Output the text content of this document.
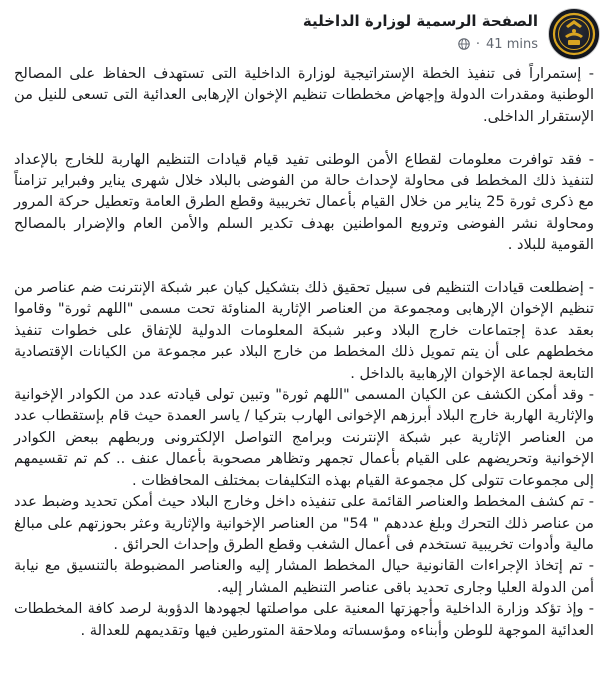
الصفحة الرسمية لوزارة الداخلية
41 mins
·

- إستمراراً فى تنفيذ الخطة الإستراتيجية لوزارة الداخلية التى تستهدف الحفاظ على المصالح الوطنية ومقدرات الدولة وإجهاض مخططات تنظيم الإخوان الإرهابى العدائية التى تسعى للنيل من الإستقرار الداخلى.

- فقد توافرت معلومات لقطاع الأمن الوطنى تفيد قيام قيادات التنظيم الهاربة للخارج بالإعداد لتنفيذ ذلك المخطط فى محاولة لإحداث حالة من الفوضى بالبلاد خلال شهرى يناير وفبراير تزامناً مع ذكرى ثورة 25 يناير من خلال القيام بأعمال تخريبية وقطع الطرق العامة وتعطيل حركة المرور ومحاولة نشر الفوضى وترويع المواطنين بهدف تكدير السلم والأمن العام والإضرار بالمصالح القومية للبلاد .

- إضطلعت قيادات التنظيم فى سبيل تحقيق ذلك بتشكيل كيان عبر شبكة الإنترنت ضم عناصر من تنظيم الإخوان الإرهابى ومجموعة من العناصر الإثارية المناوئة تحت مسمى "اللهم ثورة" وقاموا بعقد عدة إجتماعات خارج البلاد وعبر شبكة المعلومات الدولية للإتفاق على خطوات تنفيذ مخططهم على أن يتم تمويل ذلك المخطط من خارج البلاد عبر مجموعة من الكيانات الإقتصادية التابعة لجماعة الإخوان الإرهابية بالداخل .

- وقد أمكن الكشف عن الكيان المسمى "اللهم ثورة" وتبين تولى قيادته عدد من الكوادر الإخوانية والإثارية الهاربة خارج البلاد أبرزهم الإخوانى الهارب بتركيا / ياسر العمدة حيث قام بإستقطاب عدد من العناصر الإثارية عبر شبكة الإنترنت وبرامج التواصل الإلكترونى وربطهم ببعض الكوادر الإخوانية وتحريضهم على القيام بأعمال تجمهر وتظاهر مصحوبة بأعمال عنف .. كم تم تقسيمهم إلى مجموعات تتولى كل مجموعة القيام بهذه التكليفات بمختلف المحافظات .

- تم كشف المخطط والعناصر القائمة على تنفيذه داخل وخارج البلاد حيث أمكن تحديد وضبط عدد من عناصر ذلك التحرك وبلغ عددهم " 54" من العناصر الإخوانية والإثارية وعثر بحوزتهم على مبالغ مالية وأدوات تخريبية تستخدم فى أعمال الشغب وقطع الطرق وإحداث الحرائق .

- تم إتخاذ الإجراءات القانونية حيال المخطط المشار إليه والعناصر المضبوطة بالتنسيق مع نيابة أمن الدولة العليا وجارى تحديد باقى عناصر التنظيم المشار إليه.

- وإذ تؤكد وزارة الداخلية وأجهزتها المعنية على مواصلتها لجهودها الدؤوبة لرصد كافة المخططات العدائية الموجهة للوطن وأبناءه ومؤسساته وملاحقة المتورطين فيها وتقديمهم للعدالة .
